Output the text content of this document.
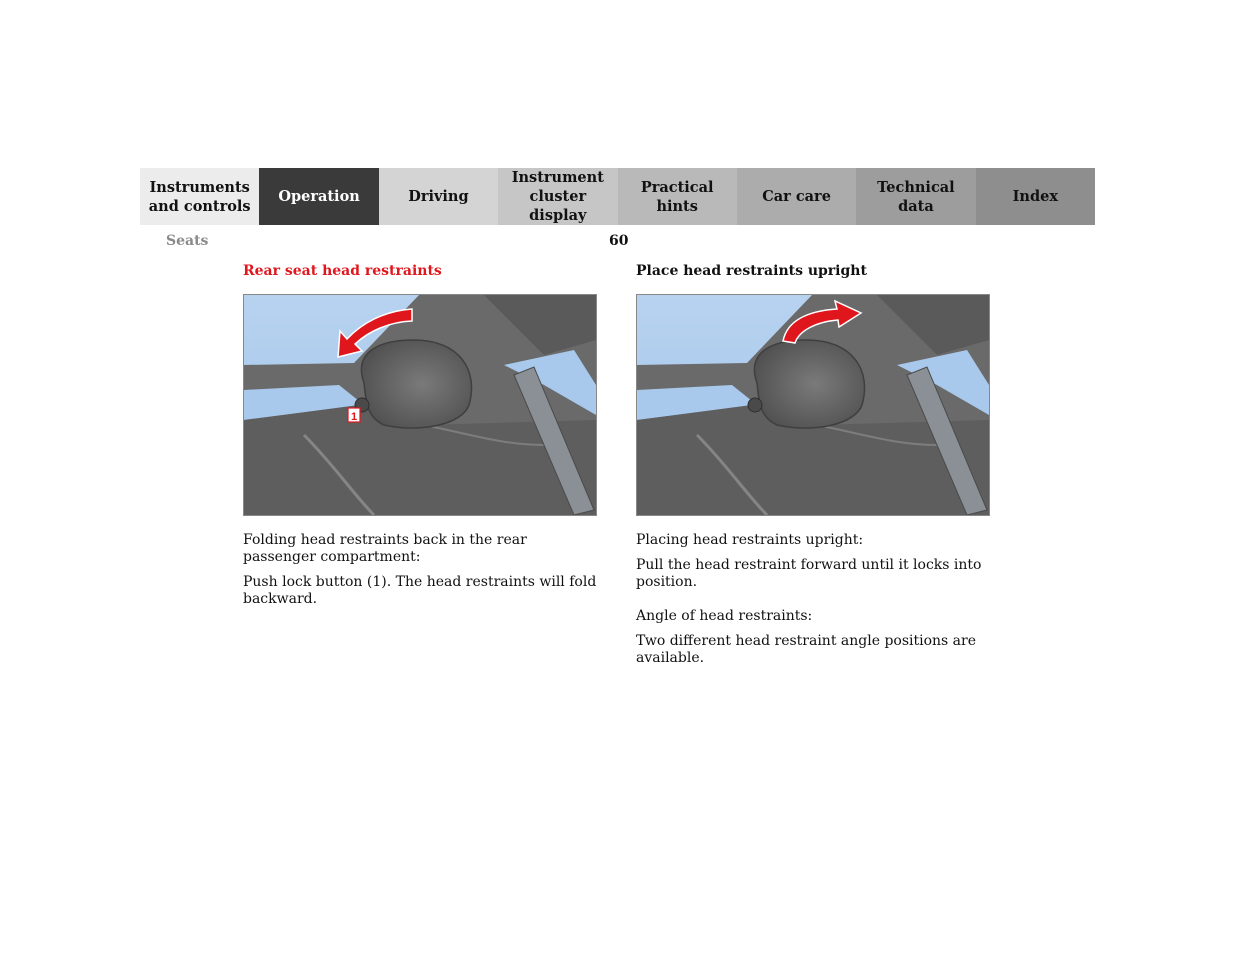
Instruments
and controls
Operation	Driving
Instrument
cluster display
Practical hints
Car care
Technical
data
Index
Seats	60
Rear seat head restraints
1

Folding head restraints back in the rear passenger compartment:

Push lock button (1). The head restraints will fold backward.

Place head restraints upright

Placing head restraints upright:

Pull the head restraint forward until it locks into position.

Angle of head restraints:

Two different head restraint angle positions are available.
